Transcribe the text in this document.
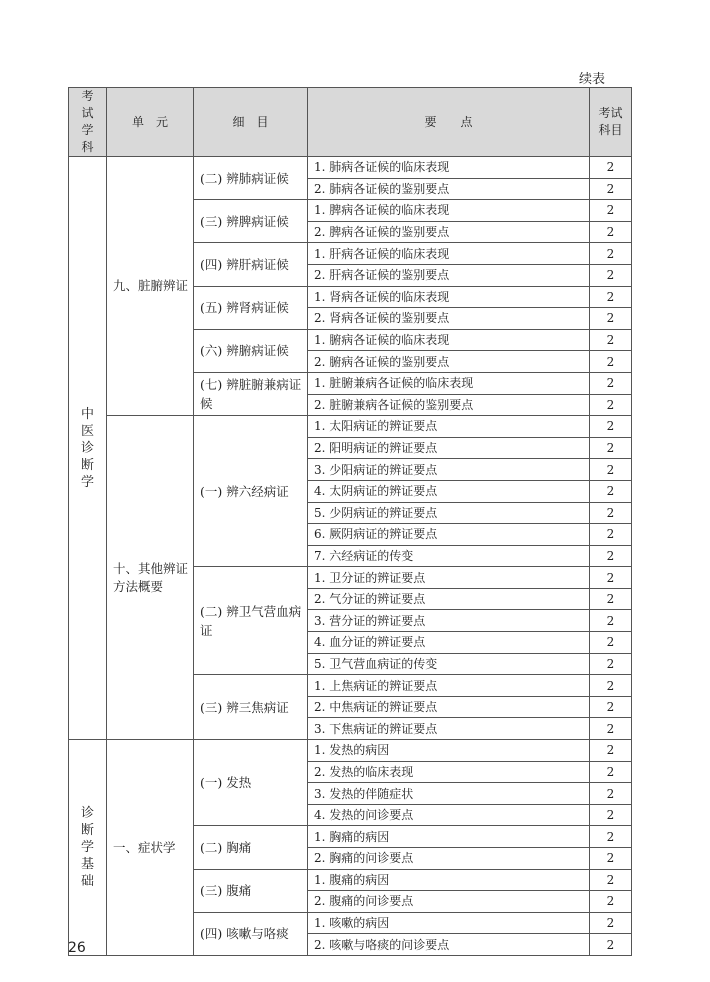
续表
考试学科	单　元	细　目	要　　点	考试科目
中医诊断学	九、脏腑辨证	(二) 辨肺病证候	1. 肺病各证候的临床表现	2
			2. 肺病各证候的鉴别要点	2
		(三) 辨脾病证候	1. 脾病各证候的临床表现	2
			2. 脾病各证候的鉴别要点	2
		(四) 辨肝病证候	1. 肝病各证候的临床表现	2
			2. 肝病各证候的鉴别要点	2
		(五) 辨肾病证候	1. 肾病各证候的临床表现	2
			2. 肾病各证候的鉴别要点	2
		(六) 辨腑病证候	1. 腑病各证候的临床表现	2
			2. 腑病各证候的鉴别要点	2
		(七) 辨脏腑兼病证候	1. 脏腑兼病各证候的临床表现	2
			2. 脏腑兼病各证候的鉴别要点	2
	十、其他辨证方法概要	(一) 辨六经病证	1. 太阳病证的辨证要点	2
			2. 阳明病证的辨证要点	2
			3. 少阳病证的辨证要点	2
			4. 太阴病证的辨证要点	2
			5. 少阴病证的辨证要点	2
			6. 厥阴病证的辨证要点	2
			7. 六经病证的传变	2
		(二) 辨卫气营血病证	1. 卫分证的辨证要点	2
			2. 气分证的辨证要点	2
			3. 营分证的辨证要点	2
			4. 血分证的辨证要点	2
			5. 卫气营血病证的传变	2
		(三) 辨三焦病证	1. 上焦病证的辨证要点	2
			2. 中焦病证的辨证要点	2
			3. 下焦病证的辨证要点	2
诊断学基础	一、症状学	(一) 发热	1. 发热的病因	2
			2. 发热的临床表现	2
			3. 发热的伴随症状	2
			4. 发热的问诊要点	2
		(二) 胸痛	1. 胸痛的病因	2
			2. 胸痛的问诊要点	2
		(三) 腹痛	1. 腹痛的病因	2
			2. 腹痛的问诊要点	2
		(四) 咳嗽与咯痰	1. 咳嗽的病因	2
			2. 咳嗽与咯痰的问诊要点	2
26
